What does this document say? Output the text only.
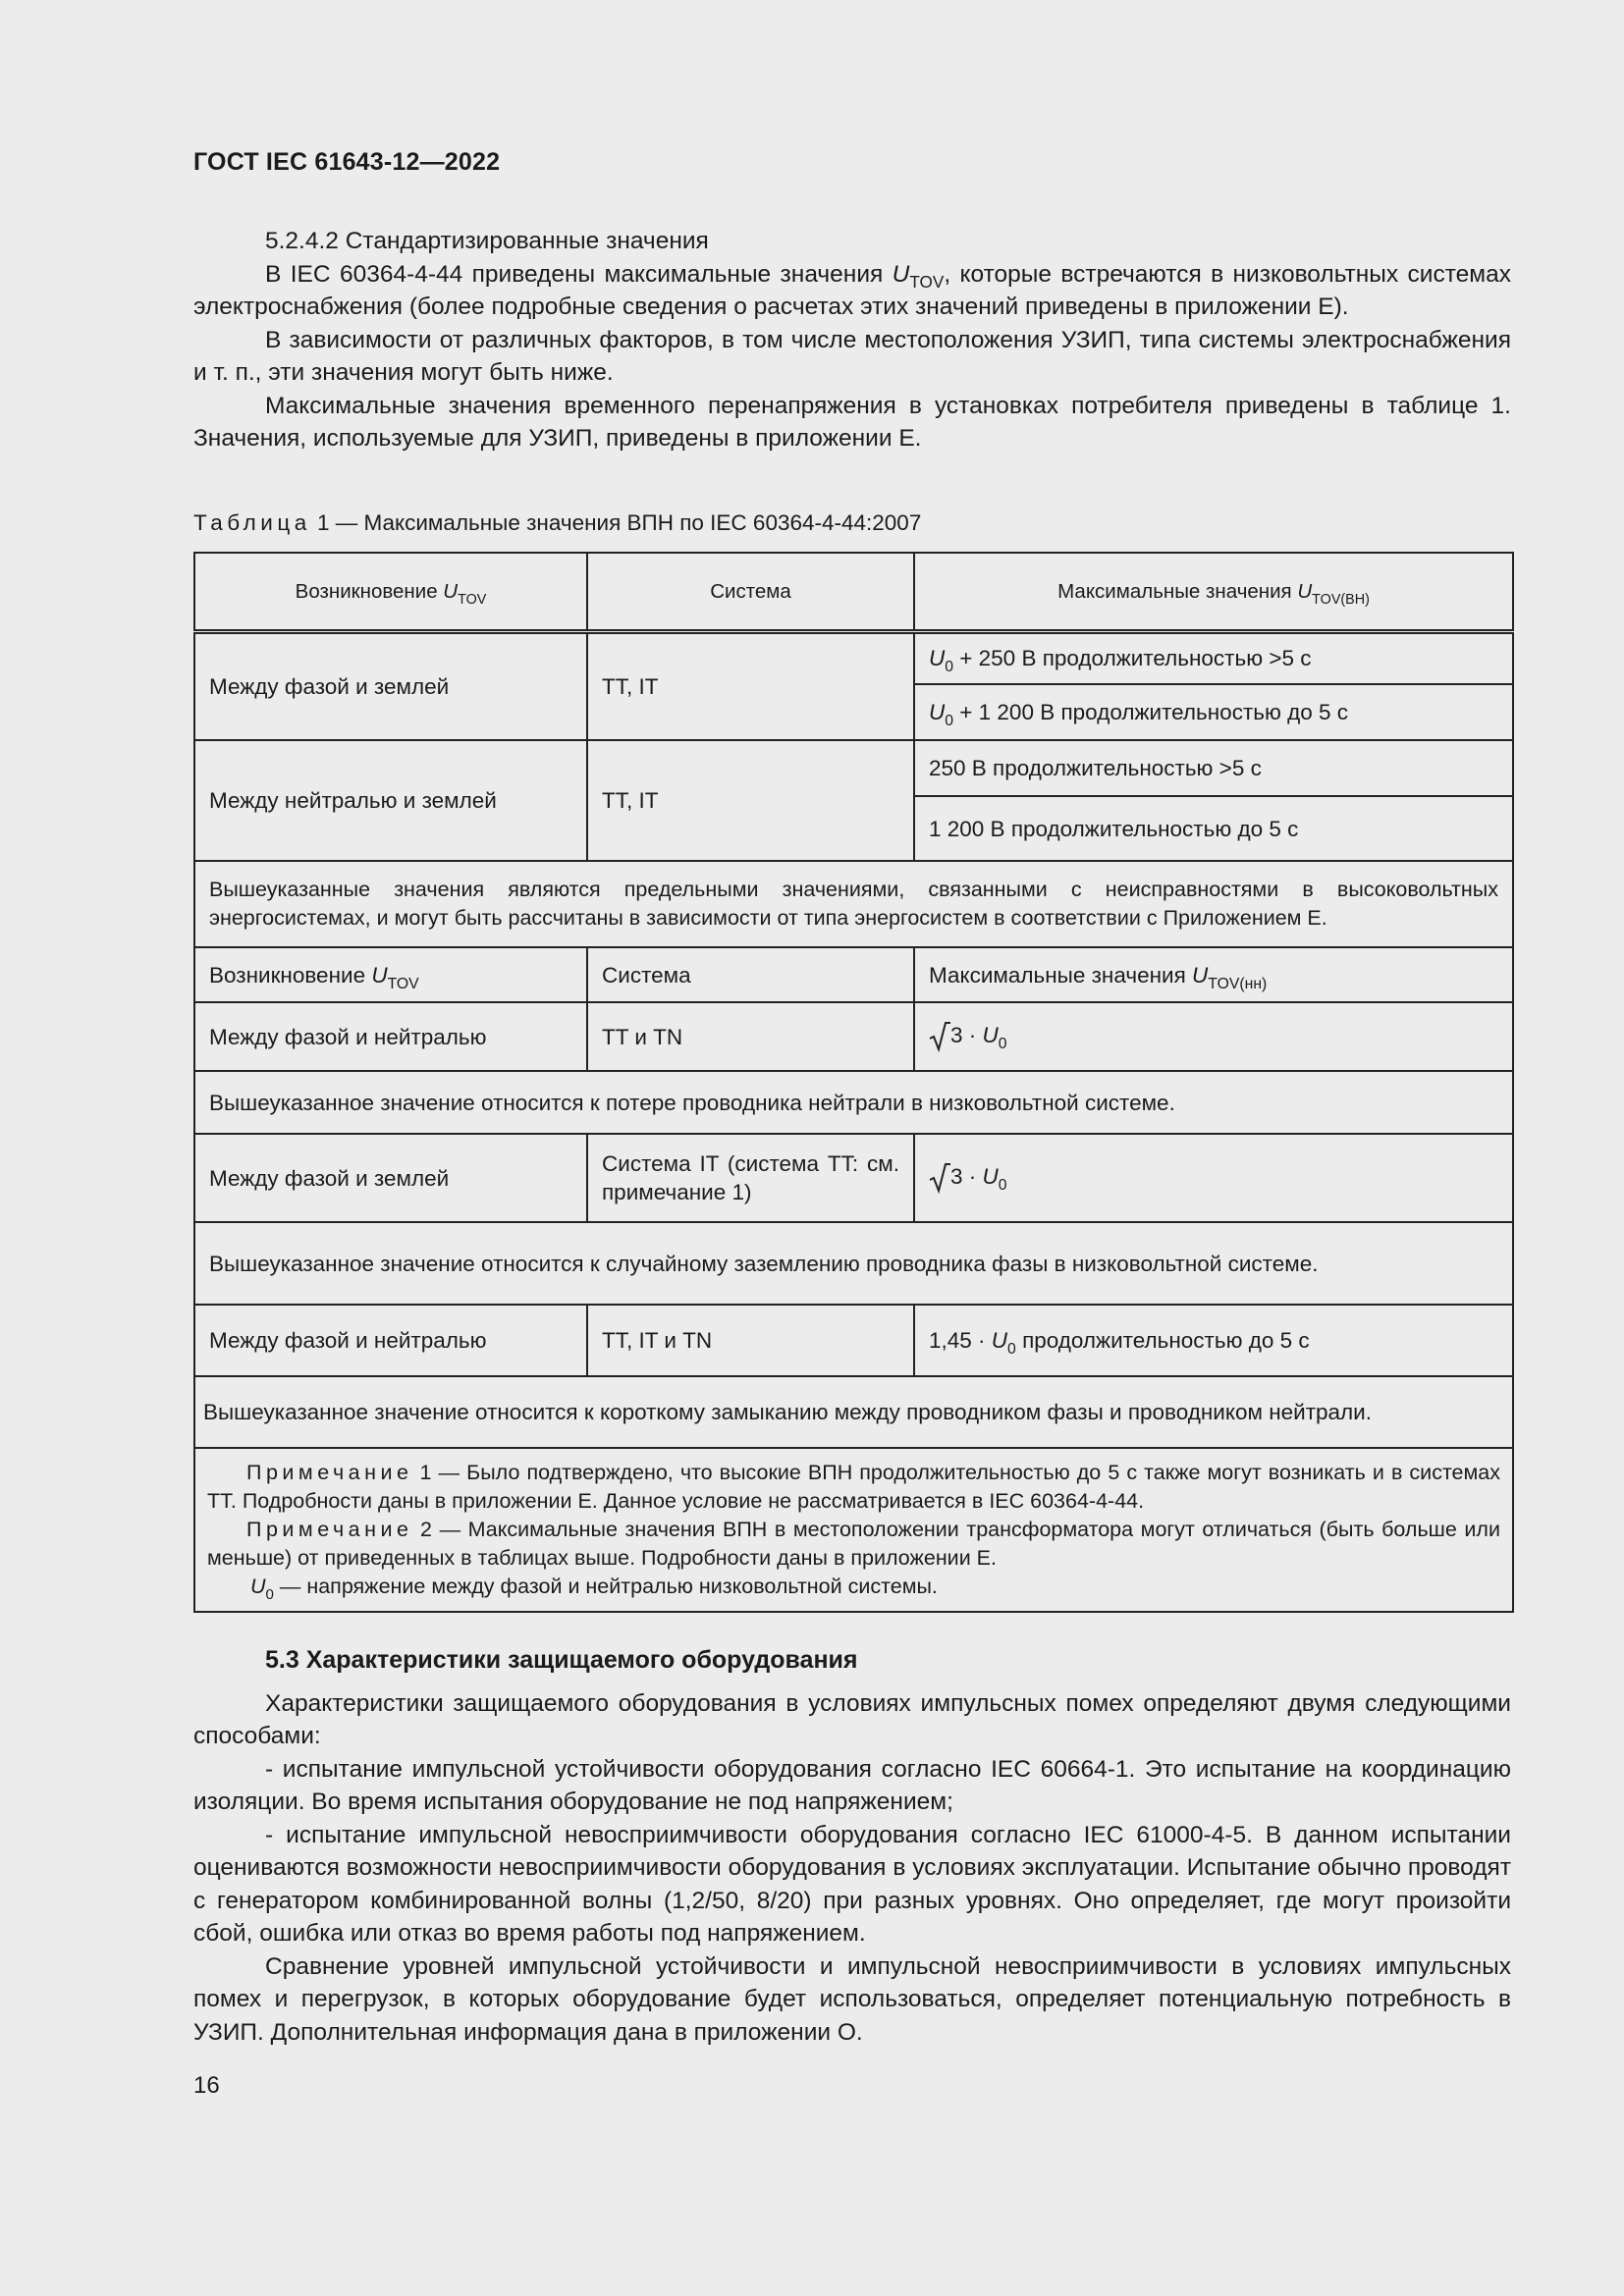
ГОСТ IEC 61643-12—2022

5.2.4.2 Стандартизированные значения

В IEC 60364-4-44 приведены максимальные значения $U_{TOV}$, которые встречаются в низковольтных системах электроснабжения (более подробные сведения о расчетах этих значений приведены в приложении Е).

В зависимости от различных факторов, в том числе местоположения УЗИП, типа системы электроснабжения и т. п., эти значения могут быть ниже.

Максимальные значения временного перенапряжения в установках потребителя приведены в таблице 1. Значения, используемые для УЗИП, приведены в приложении Е.

Таблица 1 — Максимальные значения ВПН по IEC 60364-4-44:2007
Возникновение $U_{TOV}$	Система	Максимальные значения $U_{TOV(ВН)}$
Между фазой и землей	TT, IT	$U_0 + 250$ В продолжительностью >5 с
		$U_0 + 1$ 200 В продолжительностью до 5 с
Между нейтралью и землей	TT, IT	250 В продолжительностью >5 с
		1 200 В продолжительностью до 5 с
Вышеуказанные значения являются предельными значениями, связанными с неисправностями в высоковольтных энергосистемах, и могут быть рассчитаны в зависимости от типа энергосистем в соответствии с Приложением Е.		
Возникновение $U_{TOV}$	Система	Максимальные значения $U_{TOV(нн)}$
Между фазой и нейтралью	TT и TN	$3 \cdot U_0$
Вышеуказанное значение относится к потере проводника нейтрали в низковольтной системе.		
Между фазой и землей	Система IT (система TT: см. примечание 1)	$3 \cdot U_0$
Вышеуказанное значение относится к случайному заземлению проводника фазы в низковольтной системе.		
Между фазой и нейтралью	TT, IT и TN	$1,45 \cdot U_0$ продолжительностью до 5 с
Вышеуказанное значение относится к короткому замыканию между проводником фазы и проводником нейтрали.		

Примечание 1 — Было подтверждено, что высокие ВПН продолжительностью до 5 с также могут возникать и в системах TT. Подробности даны в приложении Е. Данное условие не рассматривается в IEC 60364-4-44.

Примечание 2 — Максимальные значения ВПН в местоположении трансформатора могут отличаться (быть больше или меньше) от приведенных в таблицах выше. Подробности даны в приложении Е.

$U_0$ — напряжение между фазой и нейтралью низковольтной системы.		

5.3 Характеристики защищаемого оборудования

Характеристики защищаемого оборудования в условиях импульсных помех определяют двумя следующими способами:

- испытание импульсной устойчивости оборудования согласно IEC 60664-1. Это испытание на координацию изоляции. Во время испытания оборудование не под напряжением;

- испытание импульсной невосприимчивости оборудования согласно IEC 61000-4-5. В данном испытании оцениваются возможности невосприимчивости оборудования в условиях эксплуатации. Испытание обычно проводят с генератором комбинированной волны (1,2/50, 8/20) при разных уровнях. Оно определяет, где могут произойти сбой, ошибка или отказ во время работы под напряжением.

Сравнение уровней импульсной устойчивости и импульсной невосприимчивости в условиях импульсных помех и перегрузок, в которых оборудование будет использоваться, определяет потенциальную потребность в УЗИП. Дополнительная информация дана в приложении О.

16
